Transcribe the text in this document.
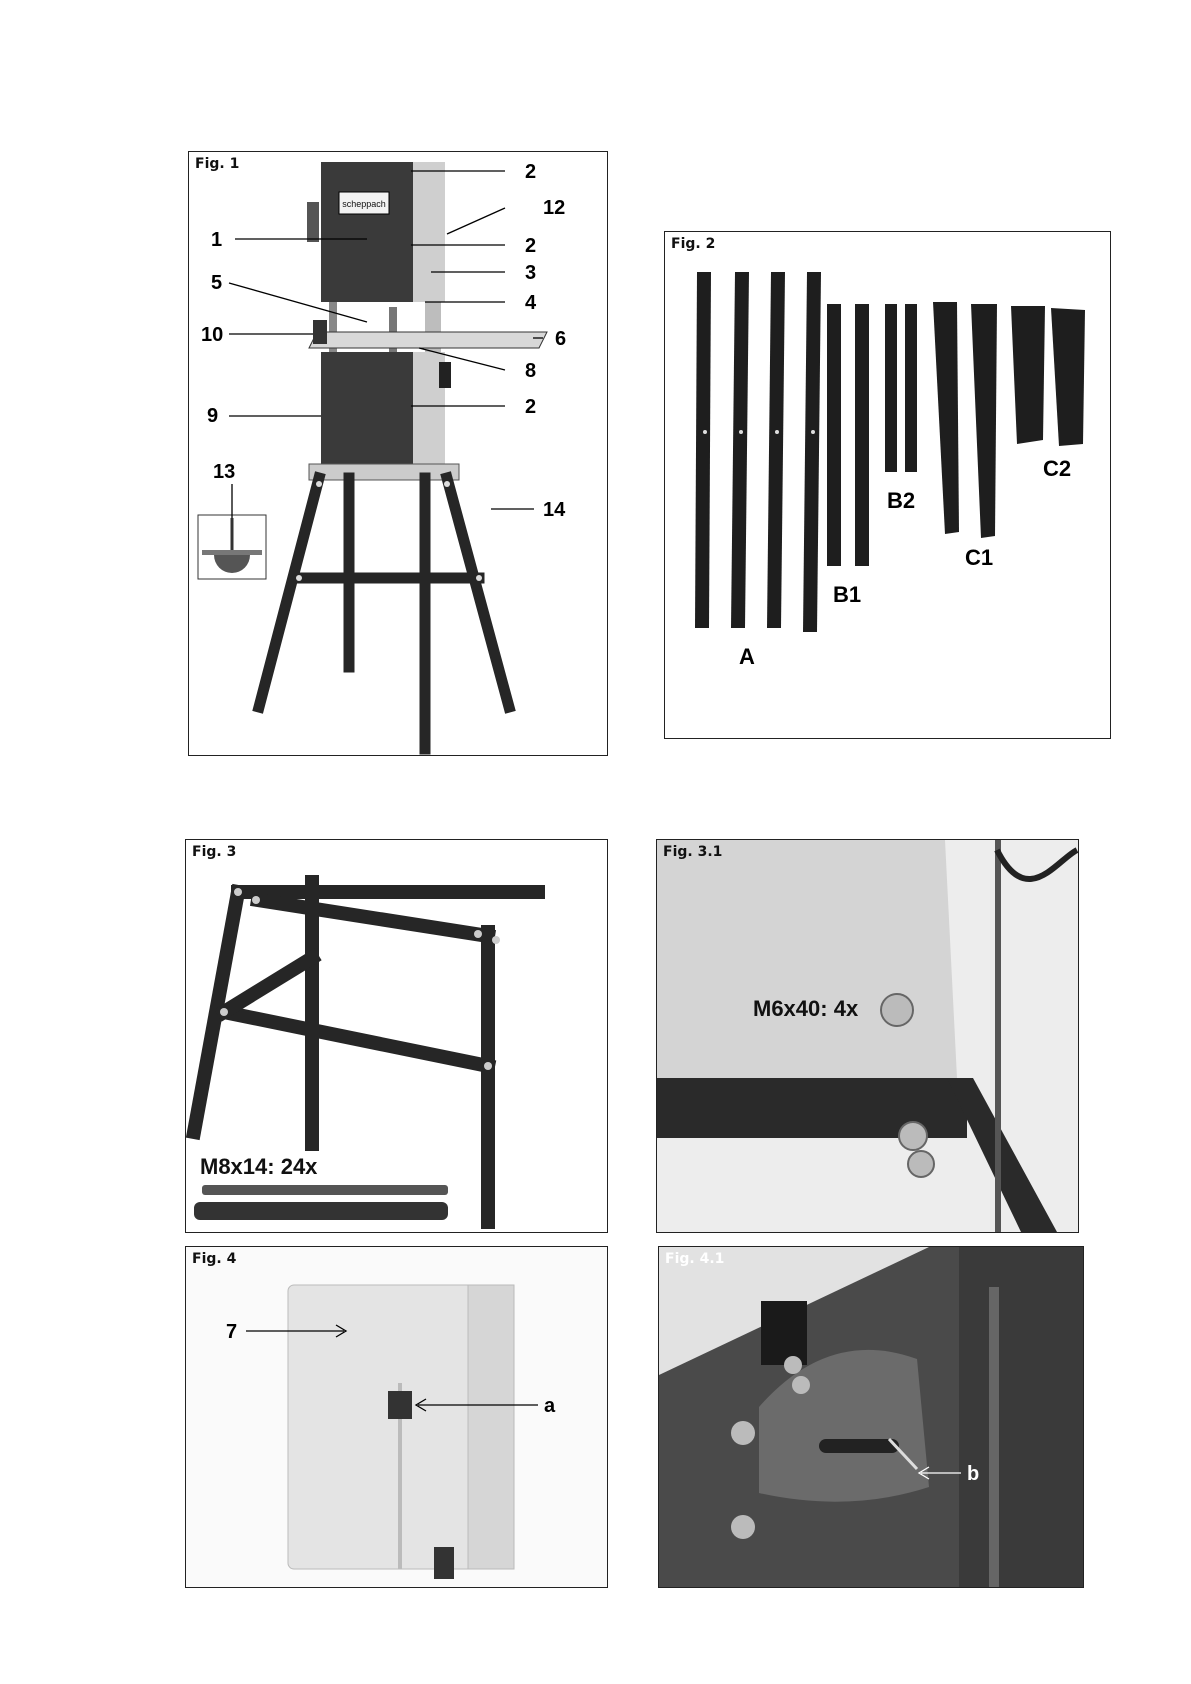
Fig. 1
scheppach
2
12
1	2
3
5
4
10	6
8
9	2
13
14
Fig. 2
A
B1
B2
C1
C2
Fig. 3
M8x14: 24x
Fig. 3.1
M6x40: 4x
7
a
Fig. 4
b
Fig. 4.1
